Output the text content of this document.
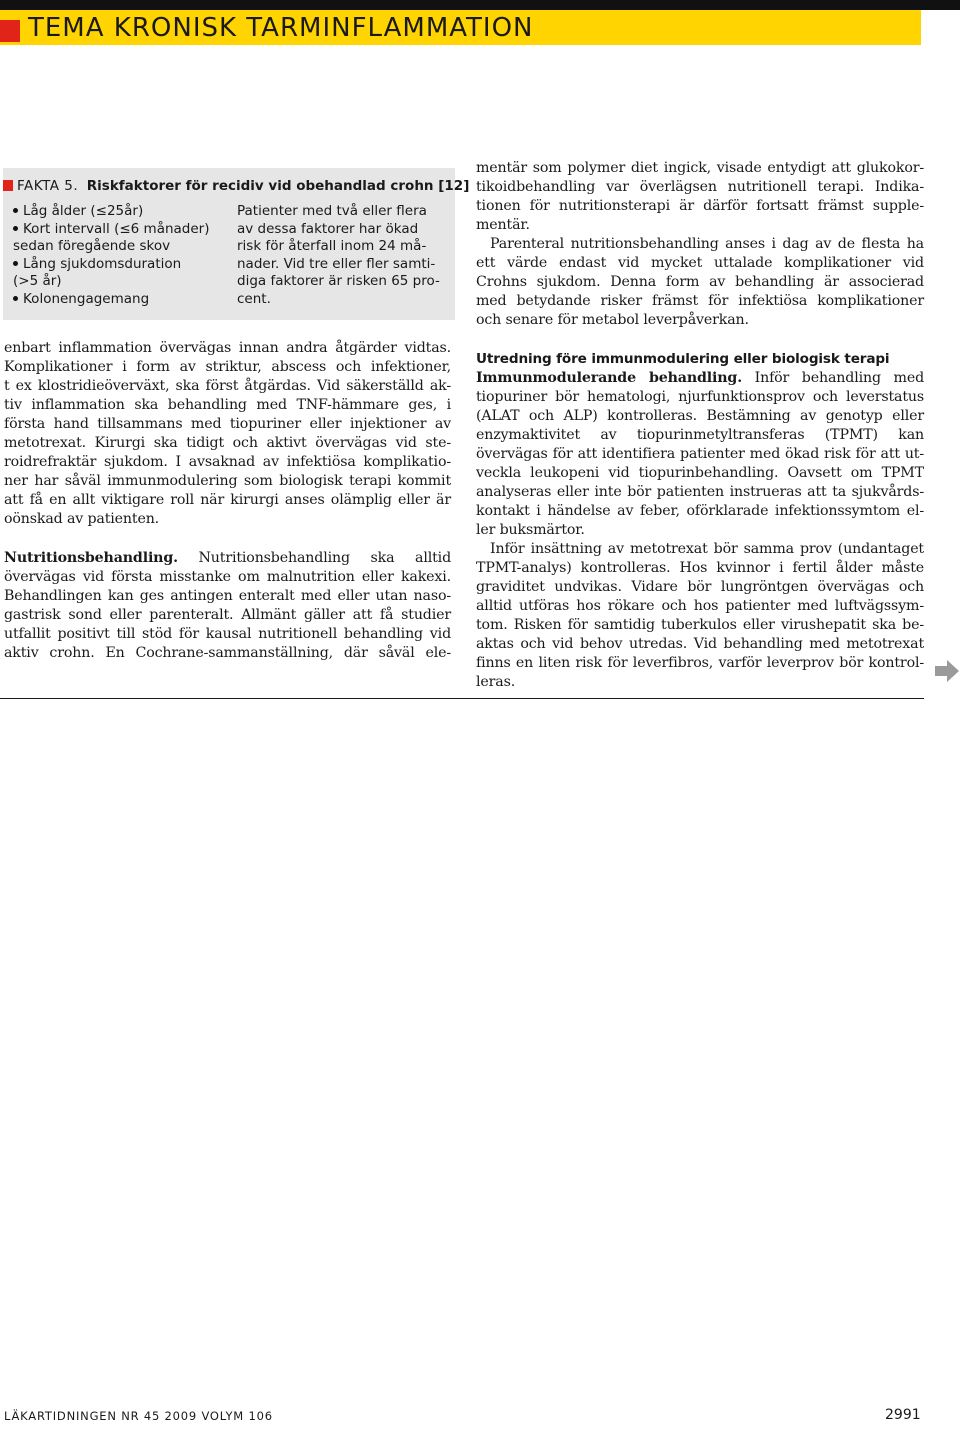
TEMA KRONISK TARMINFLAMMATION
FAKTA 5. Riskfaktorer för recidiv vid obehandlad crohn [12]
Låg ålder (≤25år)
Kort intervall (≤6 månader)
sedan föregående skov
Lång sjukdomsduration
(>5 år)
Kolonengagemang
Patienter med två eller flera
av dessa faktorer har ökad
risk för återfall inom 24 må-
nader. Vid tre eller fler samti-
diga faktorer är risken 65 pro-
cent.
enbart inflammation övervägas innan andra åtgärder vidtas.
Komplikationer i form av striktur, abscess och infektioner,
t ex klostridieöverväxt, ska först åtgärdas. Vid säkerställd ak-
tiv inflammation ska behandling med TNF-hämmare ges, i
första hand tillsammans med tiopuriner eller injektioner av
metotrexat. Kirurgi ska tidigt och aktivt övervägas vid ste-
roidrefraktär sjukdom. I avsaknad av infektiösa komplikatio-
ner har såväl immunmodulering som biologisk terapi kommit
att få en allt viktigare roll när kirurgi anses olämplig eller är
oönskad av patienten.
Nutritionsbehandling. Nutritionsbehandling ska alltid
övervägas vid första misstanke om malnutrition eller kakexi.
Behandlingen kan ges antingen enteralt med eller utan naso-
gastrisk sond eller parenteralt. Allmänt gäller att få studier
utfallit positivt till stöd för kausal nutritionell behandling vid
aktiv crohn. En Cochrane-sammanställning, där såväl ele-
mentär som polymer diet ingick, visade entydigt att glukokor-
tikoidbehandling var överlägsen nutritionell terapi. Indika-
tionen för nutritionsterapi är därför fortsatt främst supple-
mentär.
Parenteral nutritionsbehandling anses i dag av de flesta ha
ett värde endast vid mycket uttalade komplikationer vid
Crohns sjukdom. Denna form av behandling är associerad
med betydande risker främst för infektiösa komplikationer
och senare för metabol leverpåverkan.
Utredning före immunmodulering eller biologisk terapi
Immunmodulerande behandling. Inför behandling med
tiopuriner bör hematologi, njurfunktionsprov och leverstatus
(ALAT och ALP) kontrolleras. Bestämning av genotyp eller
enzymaktivitet av tiopurinmetyltransferas (TPMT) kan
övervägas för att identifiera patienter med ökad risk för att ut-
veckla leukopeni vid tiopurinbehandling. Oavsett om TPMT
analyseras eller inte bör patienten instrueras att ta sjukvårds-
kontakt i händelse av feber, oförklarade infektionssymtom el-
ler buksmärtor.
Inför insättning av metotrexat bör samma prov (undantaget
TPMT-analys) kontrolleras. Hos kvinnor i fertil ålder måste
graviditet undvikas. Vidare bör lungröntgen övervägas och
alltid utföras hos rökare och hos patienter med luftvägssym-
tom. Risken för samtidig tuberkulos eller virushepatit ska be-
aktas och vid behov utredas. Vid behandling med metotrexat
finns en liten risk för leverfibros, varför leverprov bör kontrol-
leras.
LÄKARTIDNINGEN NR 45 2009 VOLYM 106	2991
